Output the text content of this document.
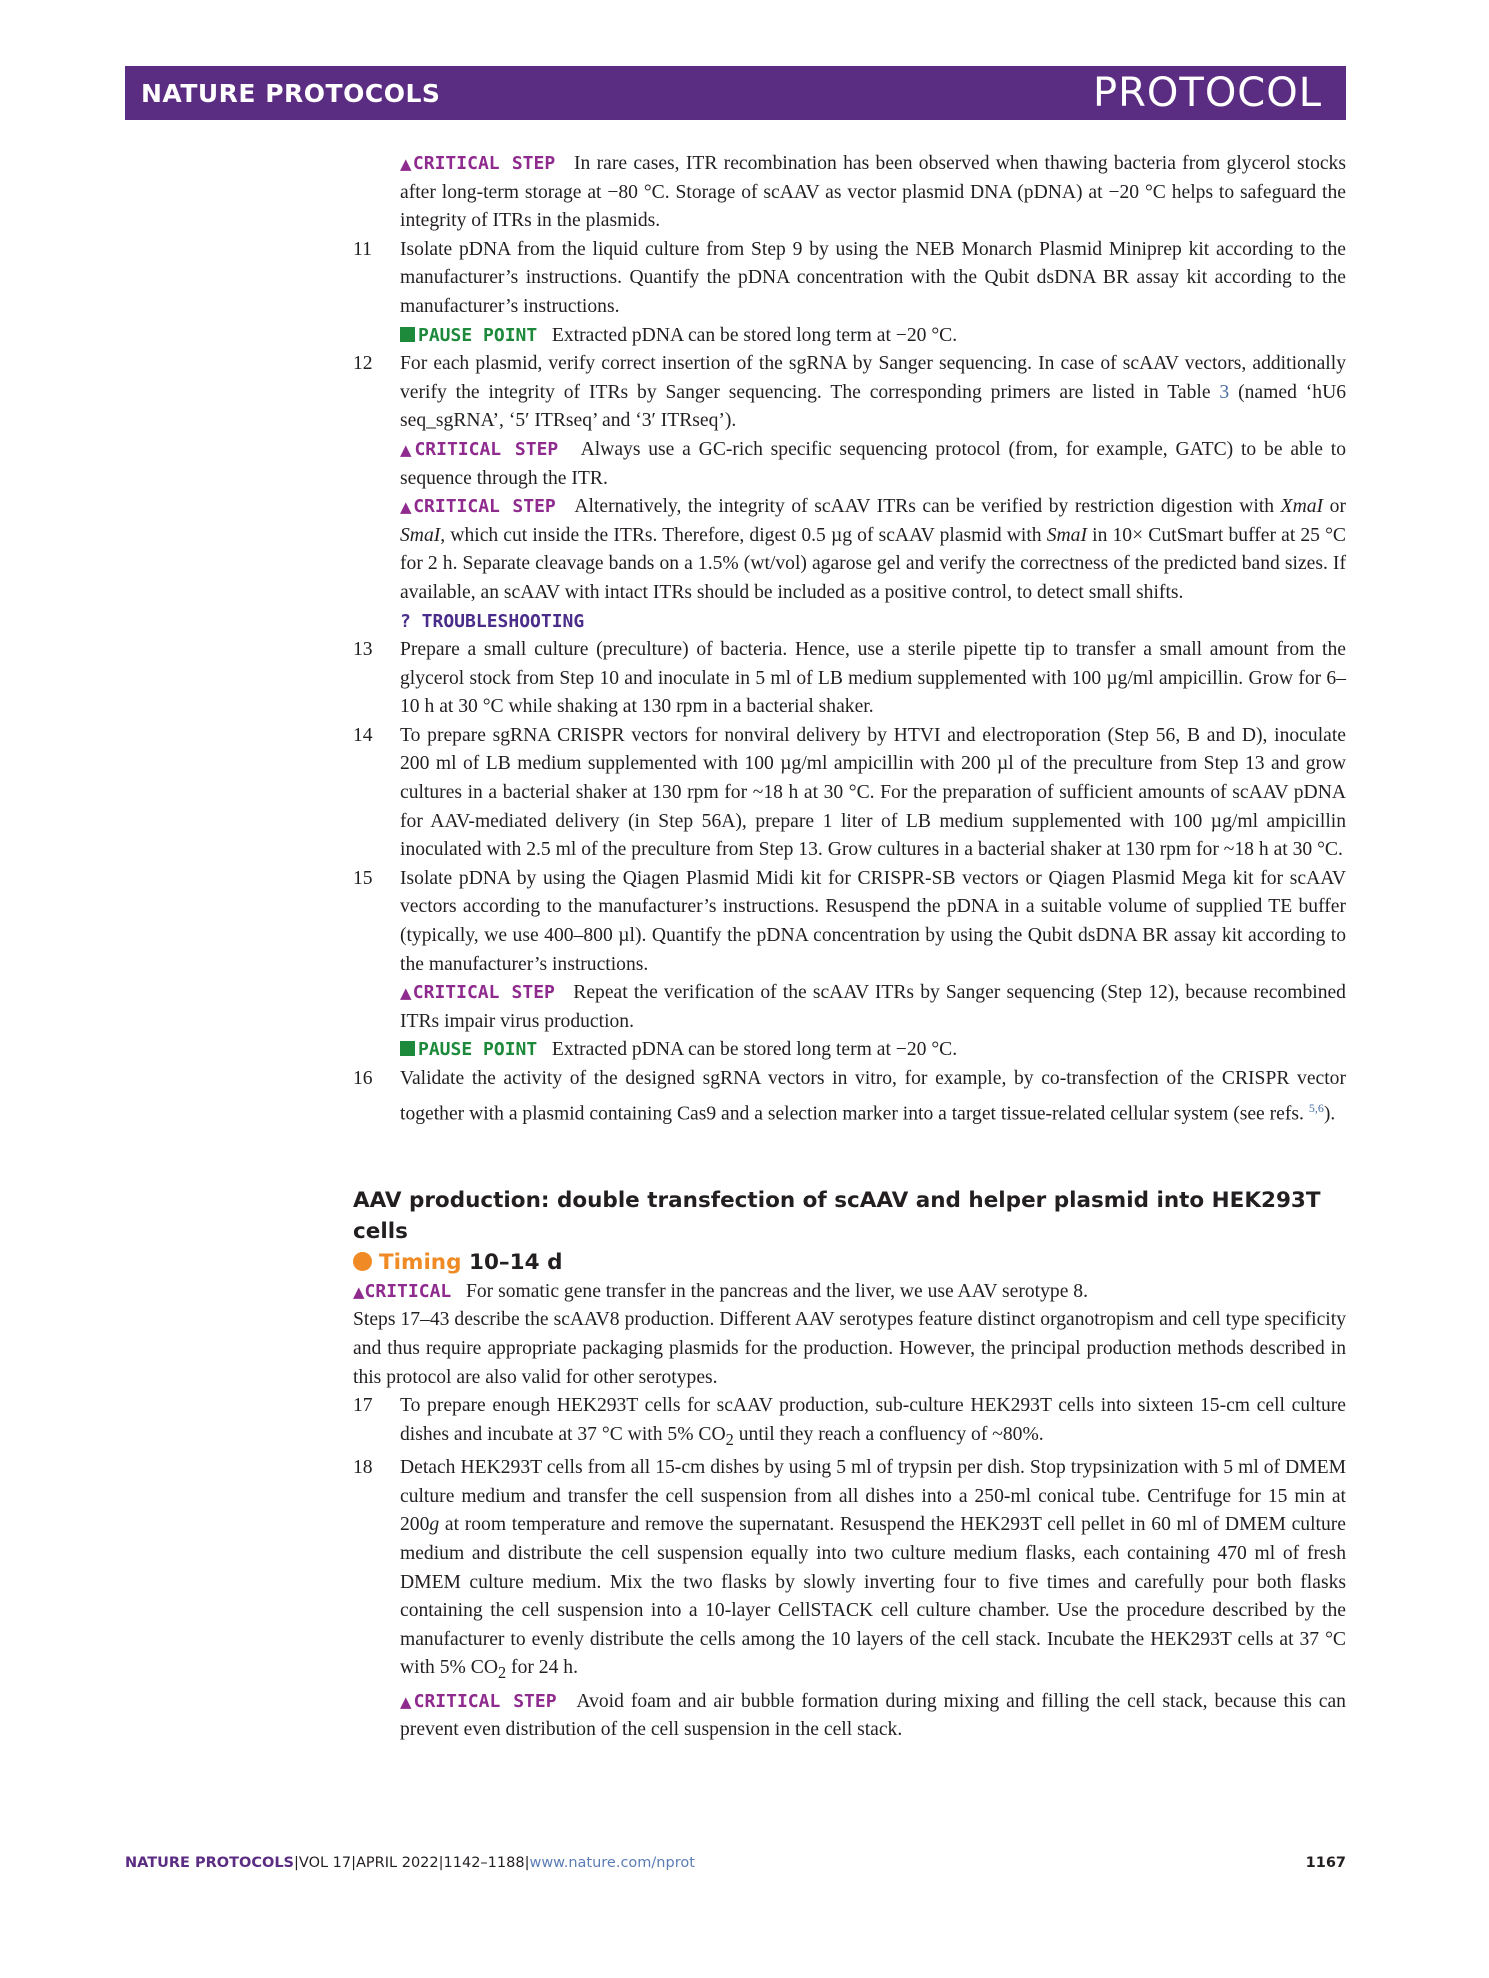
NATURE PROTOCOLS	PROTOCOL

▲CRITICAL STEP In rare cases, ITR recombination has been observed when thawing bacteria from glycerol stocks after long-term storage at −80 °C. Storage of scAAV as vector plasmid DNA (pDNA) at −20 °C helps to safeguard the integrity of ITRs in the plasmids.

11 Isolate pDNA from the liquid culture from Step 9 by using the NEB Monarch Plasmid Miniprep kit according to the manufacturer’s instructions. Quantify the pDNA concentration with the Qubit dsDNA BR assay kit according to the manufacturer’s instructions.

PAUSE POINT Extracted pDNA can be stored long term at −20 °C.

12 For each plasmid, verify correct insertion of the sgRNA by Sanger sequencing. In case of scAAV vectors, additionally verify the integrity of ITRs by Sanger sequencing. The corresponding primers are listed in Table 3 (named ‘hU6 seq_sgRNA’, ‘5′ ITRseq’ and ‘3′ ITRseq’).

▲CRITICAL STEP Always use a GC-rich specific sequencing protocol (from, for example, GATC) to be able to sequence through the ITR.

▲CRITICAL STEP Alternatively, the integrity of scAAV ITRs can be verified by restriction digestion with XmaI or SmaI, which cut inside the ITRs. Therefore, digest 0.5 µg of scAAV plasmid with SmaI in 10× CutSmart buffer at 25 °C for 2 h. Separate cleavage bands on a 1.5% (wt/vol) agarose gel and verify the correctness of the predicted band sizes. If available, an scAAV with intact ITRs should be included as a positive control, to detect small shifts.

? TROUBLESHOOTING

13 Prepare a small culture (preculture) of bacteria. Hence, use a sterile pipette tip to transfer a small amount from the glycerol stock from Step 10 and inoculate in 5 ml of LB medium supplemented with 100 µg/ml ampicillin. Grow for 6–10 h at 30 °C while shaking at 130 rpm in a bacterial shaker.

14 To prepare sgRNA CRISPR vectors for nonviral delivery by HTVI and electroporation (Step 56, B and D), inoculate 200 ml of LB medium supplemented with 100 µg/ml ampicillin with 200 µl of the preculture from Step 13 and grow cultures in a bacterial shaker at 130 rpm for ~18 h at 30 °C. For the preparation of sufficient amounts of scAAV pDNA for AAV-mediated delivery (in Step 56A), prepare 1 liter of LB medium supplemented with 100 µg/ml ampicillin inoculated with 2.5 ml of the preculture from Step 13. Grow cultures in a bacterial shaker at 130 rpm for ~18 h at 30 °C.

15 Isolate pDNA by using the Qiagen Plasmid Midi kit for CRISPR-SB vectors or Qiagen Plasmid Mega kit for scAAV vectors according to the manufacturer’s instructions. Resuspend the pDNA in a suitable volume of supplied TE buffer (typically, we use 400–800 µl). Quantify the pDNA concentration by using the Qubit dsDNA BR assay kit according to the manufacturer’s instructions.

▲CRITICAL STEP Repeat the verification of the scAAV ITRs by Sanger sequencing (Step 12), because recombined ITRs impair virus production.

PAUSE POINT Extracted pDNA can be stored long term at −20 °C.

16 Validate the activity of the designed sgRNA vectors in vitro, for example, by co-transfection of the CRISPR vector together with a plasmid containing Cas9 and a selection marker into a target tissue-related cellular system (see refs. $^{5,6}$).

AAV production: double transfection of scAAV and helper plasmid into HEK293T cells

Timing 10–14 d

▲CRITICAL For somatic gene transfer in the pancreas and the liver, we use AAV serotype 8.

Steps 17–43 describe the scAAV8 production. Different AAV serotypes feature distinct organotropism and cell type specificity and thus require appropriate packaging plasmids for the production. However, the principal production methods described in this protocol are also valid for other serotypes.

17 To prepare enough HEK293T cells for scAAV production, sub-culture HEK293T cells into sixteen 15-cm cell culture dishes and incubate at 37 °C with 5% $CO_2$ until they reach a confluency of ~80%.

18 Detach HEK293T cells from all 15-cm dishes by using 5 ml of trypsin per dish. Stop trypsinization with 5 ml of DMEM culture medium and transfer the cell suspension from all dishes into a 250-ml conical tube. Centrifuge for 15 min at 200g at room temperature and remove the supernatant. Resuspend the HEK293T cell pellet in 60 ml of DMEM culture medium and distribute the cell suspension equally into two culture medium flasks, each containing 470 ml of fresh DMEM culture medium. Mix the two flasks by slowly inverting four to five times and carefully pour both flasks containing the cell suspension into a 10-layer CellSTACK cell culture chamber. Use the procedure described by the manufacturer to evenly distribute the cells among the 10 layers of the cell stack. Incubate the HEK293T cells at 37 °C with 5% $CO_2$ for 24 h.

▲CRITICAL STEP Avoid foam and air bubble formation during mixing and filling the cell stack, because this can prevent even distribution of the cell suspension in the cell stack.

NATURE PROTOCOLS|VOL 17|APRIL 2022|1142–1188|www.nature.com/nprot	1167
